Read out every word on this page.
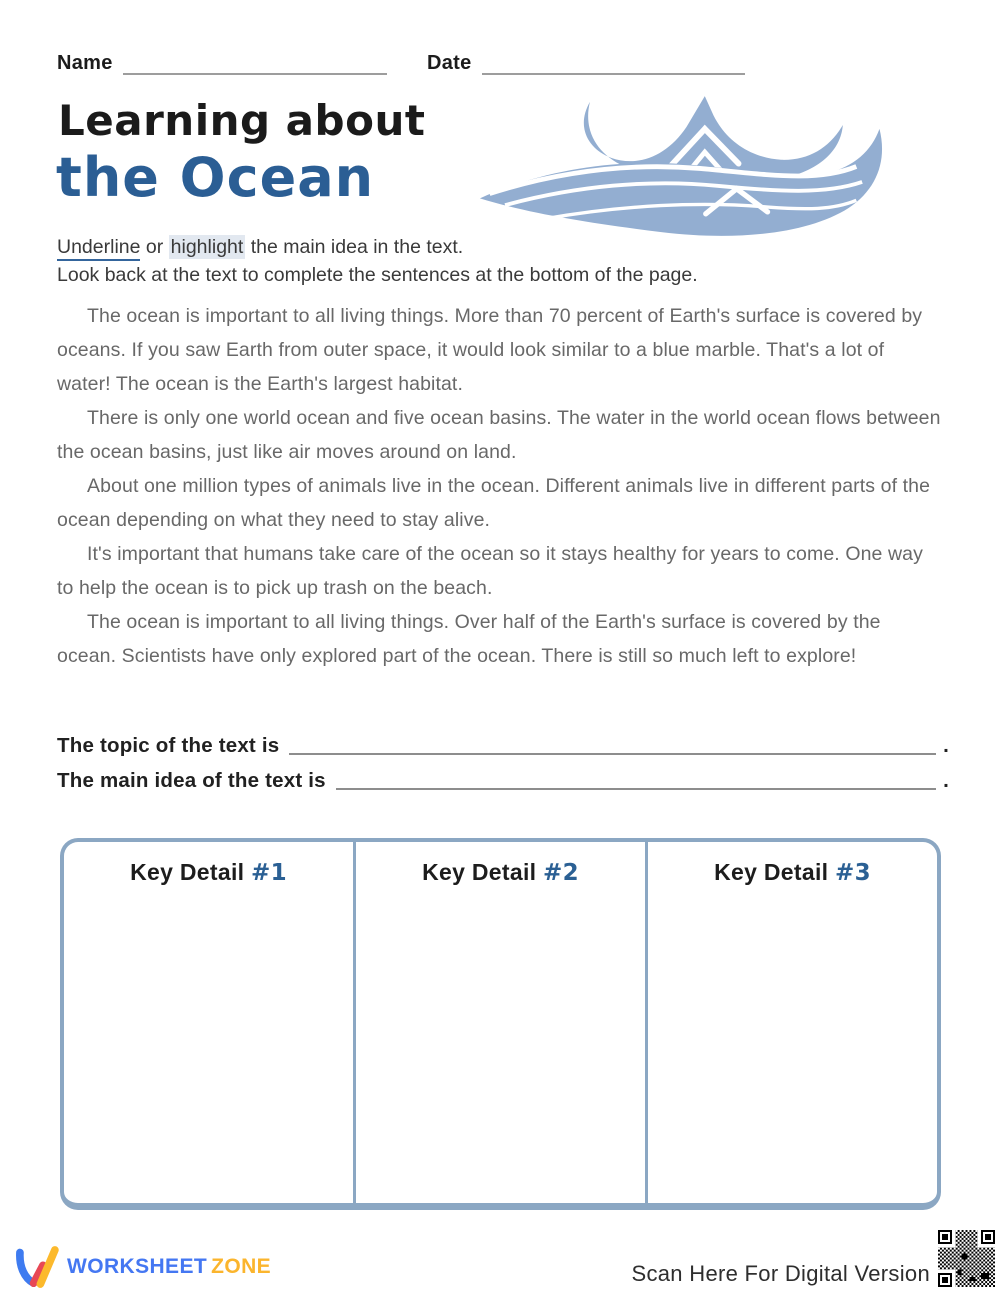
Name	Date
Learning about
the Ocean
Underline or highlight the main idea in the text.
Look back at the text to complete the sentences at the bottom of the page.

The ocean is important to all living things. More than 70 percent of Earth's surface is covered by oceans. If you saw Earth from outer space, it would look similar to a blue marble. That's a lot of water! The ocean is the Earth's largest habitat.

There is only one world ocean and five ocean basins. The water in the world ocean flows between the ocean basins, just like air moves around on land.

About one million types of animals live in the ocean. Different animals live in different parts of the ocean depending on what they need to stay alive.

It's important that humans take care of the ocean so it stays healthy for years to come. One way to help the ocean is to pick up trash on the beach.

The ocean is important to all living things. Over half of the Earth's surface is covered by the ocean. Scientists have only explored part of the ocean. There is still so much left to explore!

The topic of the text is	.
The main idea of the text is	.
Key Detail #1	Key Detail #2	Key Detail #3
WORKSHEET ZONE	Scan Here For Digital Version
